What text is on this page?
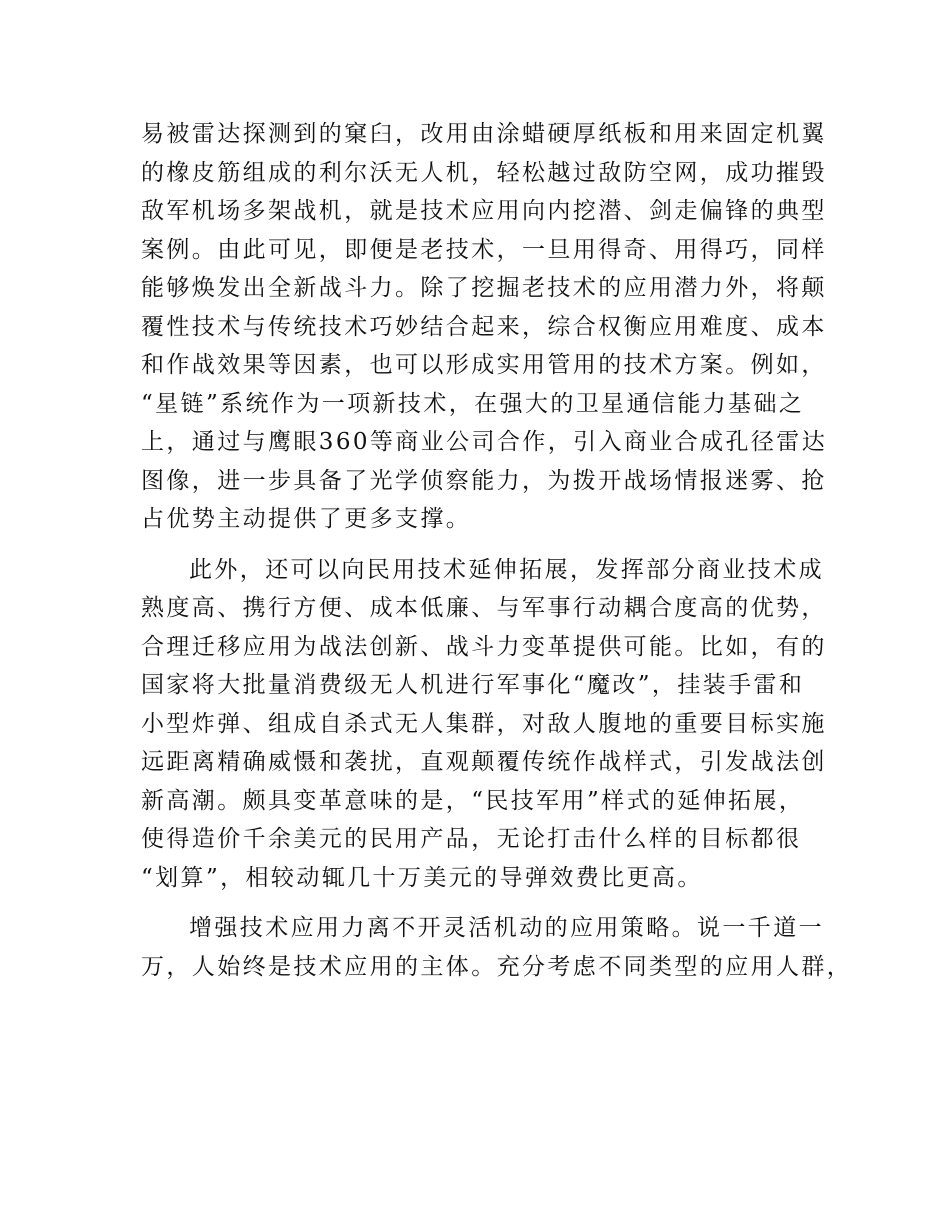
易被雷达探测到的窠臼，改用由涂蜡硬厚纸板和用来固定机翼
的橡皮筋组成的利尔沃无人机，轻松越过敌防空网，成功摧毁
敌军机场多架战机，就是技术应用向内挖潜、剑走偏锋的典型
案例。由此可见，即便是老技术，一旦用得奇、用得巧，同样
能够焕发出全新战斗力。除了挖掘老技术的应用潜力外，将颠
覆性技术与传统技术巧妙结合起来，综合权衡应用难度、成本
和作战效果等因素，也可以形成实用管用的技术方案。例如，
“星链”系统作为一项新技术，在强大的卫星通信能力基础之
上，通过与鹰眼360等商业公司合作，引入商业合成孔径雷达
图像，进一步具备了光学侦察能力，为拨开战场情报迷雾、抢
占优势主动提供了更多支撑。

此外，还可以向民用技术延伸拓展，发挥部分商业技术成
熟度高、携行方便、成本低廉、与军事行动耦合度高的优势，
合理迁移应用为战法创新、战斗力变革提供可能。比如，有的
国家将大批量消费级无人机进行军事化“魔改”，挂装手雷和
小型炸弹、组成自杀式无人集群，对敌人腹地的重要目标实施
远距离精确威慑和袭扰，直观颠覆传统作战样式，引发战法创
新高潮。颇具变革意味的是，“民技军用”样式的延伸拓展，
使得造价千余美元的民用产品，无论打击什么样的目标都很
“划算”，相较动辄几十万美元的导弹效费比更高。

增强技术应用力离不开灵活机动的应用策略。说一千道一
万，人始终是技术应用的主体。充分考虑不同类型的应用人群，
